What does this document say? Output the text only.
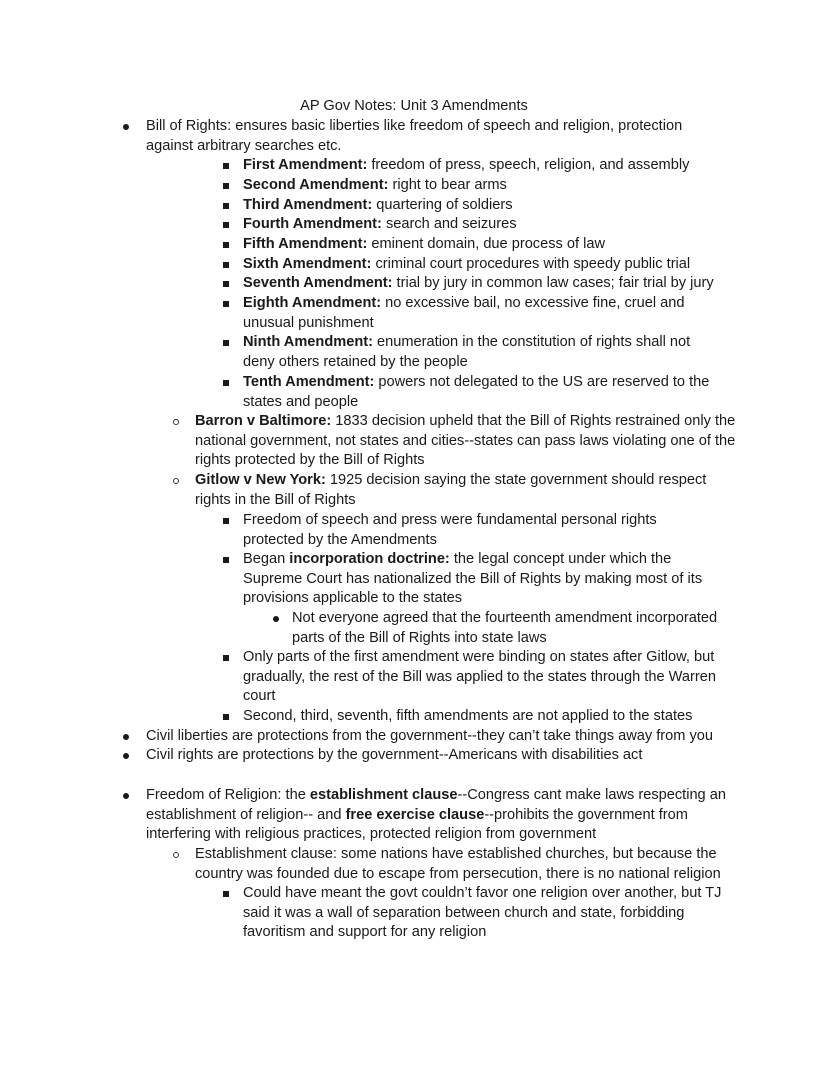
AP Gov Notes: Unit 3 Amendments
Bill of Rights: ensures basic liberties like freedom of speech and religion, protection against arbitrary searches etc.
First Amendment: freedom of press, speech, religion, and assembly
Second Amendment: right to bear arms
Third Amendment: quartering of soldiers
Fourth Amendment: search and seizures
Fifth Amendment: eminent domain, due process of law
Sixth Amendment: criminal court procedures with speedy public trial
Seventh Amendment: trial by jury in common law cases; fair trial by jury
Eighth Amendment: no excessive bail, no excessive fine, cruel and unusual punishment
Ninth Amendment: enumeration in the constitution of rights shall not deny others retained by the people
Tenth Amendment: powers not delegated to the US are reserved to the states and people
Barron v Baltimore: 1833 decision upheld that the Bill of Rights restrained only the national government, not states and cities--states can pass laws violating one of the rights protected by the Bill of Rights
Gitlow v New York: 1925 decision saying the state government should respect rights in the Bill of Rights
Freedom of speech and press were fundamental personal rights protected by the Amendments
Began incorporation doctrine: the legal concept under which the Supreme Court has nationalized the Bill of Rights by making most of its provisions applicable to the states
Not everyone agreed that the fourteenth amendment incorporated parts of the Bill of Rights into state laws
Only parts of the first amendment were binding on states after Gitlow, but gradually, the rest of the Bill was applied to the states through the Warren court
Second, third, seventh, fifth amendments are not applied to the states
Civil liberties are protections from the government--they can’t take things away from you
Civil rights are protections by the government--Americans with disabilities act
Freedom of Religion: the establishment clause--Congress cant make laws respecting an establishment of religion-- and free exercise clause--prohibits the government from interfering with religious practices, protected religion from government
Establishment clause: some nations have established churches, but because the country was founded due to escape from persecution, there is no national religion
Could have meant the govt couldn’t favor one religion over another, but TJ said it was a wall of separation between church and state, forbidding favoritism and support for any religion
